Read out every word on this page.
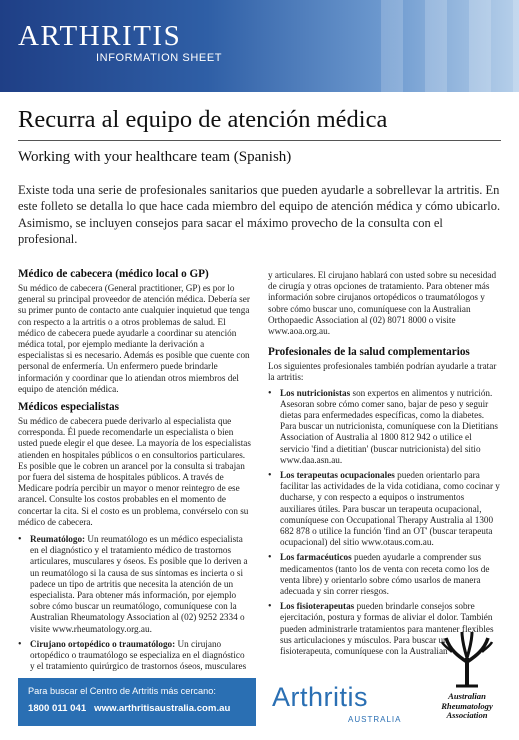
ARTHRITIS
INFORMATION SHEET
Recurra al equipo de atención médica
Working with your healthcare team (Spanish)

Existe toda una serie de profesionales sanitarios que pueden ayudarle a sobrellevar la artritis. En este folleto se detalla lo que hace cada miembro del equipo de atención médica y cómo ubicarlo. Asimismo, se incluyen consejos para sacar el máximo provecho de la consulta con el profesional.

Médico de cabecera (médico local o GP)

Su médico de cabecera (General practitioner, GP) es por lo general su principal proveedor de atención médica. Debería ser su primer punto de contacto ante cualquier inquietud que tenga con respecto a la artritis o a otros problemas de salud. El médico de cabecera puede ayudarle a coordinar su atención médica total, por ejemplo mediante la derivación a especialistas si es necesario. Además es posible que cuente con personal de enfermería. Un enfermero puede brindarle información y coordinar que lo atiendan otros miembros del equipo de atención médica.

Médicos especialistas

Su médico de cabecera puede derivarlo al especialista que corresponda. Él puede recomendarle un especialista o bien usted puede elegir el que desee. La mayoría de los especialistas atienden en hospitales públicos o en consultorios particulares. Es posible que le cobren un arancel por la consulta si trabajan por fuera del sistema de hospitales públicos. A través de Medicare podría percibir un mayor o menor reintegro de ese arancel. Consulte los costos probables en el momento de concertar la cita. Si el costo es un problema, convérselo con su médico de cabecera.

• Reumatólogo: Un reumatólogo es un médico especialista en el diagnóstico y el tratamiento médico de trastornos articulares, musculares y óseos. Es posible que lo deriven a un reumatólogo si la causa de sus síntomas es incierta o si padece un tipo de artritis que necesita la atención de un especialista. Para obtener más información, por ejemplo sobre cómo buscar un reumatólogo, comuníquese con la Australian Rheumatology Association al (02) 9252 2334 o visite www.rheumatology.org.au.
• Cirujano ortopédico o traumatólogo: Un cirujano ortopédico o traumatólogo se especializa en el diagnóstico y el tratamiento quirúrgico de trastornos óseos, musculares

y articulares. El cirujano hablará con usted sobre su necesidad de cirugía y otras opciones de tratamiento. Para obtener más información sobre cirujanos ortopédicos o traumatólogos y sobre cómo buscar uno, comuníquese con la Australian Orthopaedic Association al (02) 8071 8000 o visite www.aoa.org.au.

Profesionales de la salud complementarios

Los siguientes profesionales también podrían ayudarle a tratar la artritis:

• Los nutricionistas son expertos en alimentos y nutrición. Asesoran sobre cómo comer sano, bajar de peso y seguir dietas para enfermedades específicas, como la diabetes. Para buscar un nutricionista, comuníquese con la Dietitians Association of Australia al 1800 812 942 o utilice el servicio 'find a dietitian' (buscar nutricionista) del sitio www.daa.asn.au.
• Los terapeutas ocupacionales pueden orientarlo para facilitar las actividades de la vida cotidiana, como cocinar y ducharse, y con respecto a equipos o instrumentos auxiliares útiles. Para buscar un terapeuta ocupacional, comuníquese con Occupational Therapy Australia al 1300 682 878 o utilice la función 'find an OT' (buscar terapeuta ocupacional) del sitio www.otaus.com.au.
• Los farmacéuticos pueden ayudarle a comprender sus medicamentos (tanto los de venta con receta como los de venta libre) y orientarlo sobre cómo usarlos de manera adecuada y sin correr riesgos.
• Los fisioterapeutas pueden brindarle consejos sobre ejercitación, postura y formas de aliviar el dolor. También pueden administrarle tratamientos para mantener flexibles sus articulaciones y músculos. Para buscar un fisioterapeuta, comuníquese con la Australian
Para buscar el Centro de Artritis más cercano:
1800 011 041 www.arthritisaustralia.com.au	Arthritis
AUSTRALIA
Australian
Rheumatology
Association
